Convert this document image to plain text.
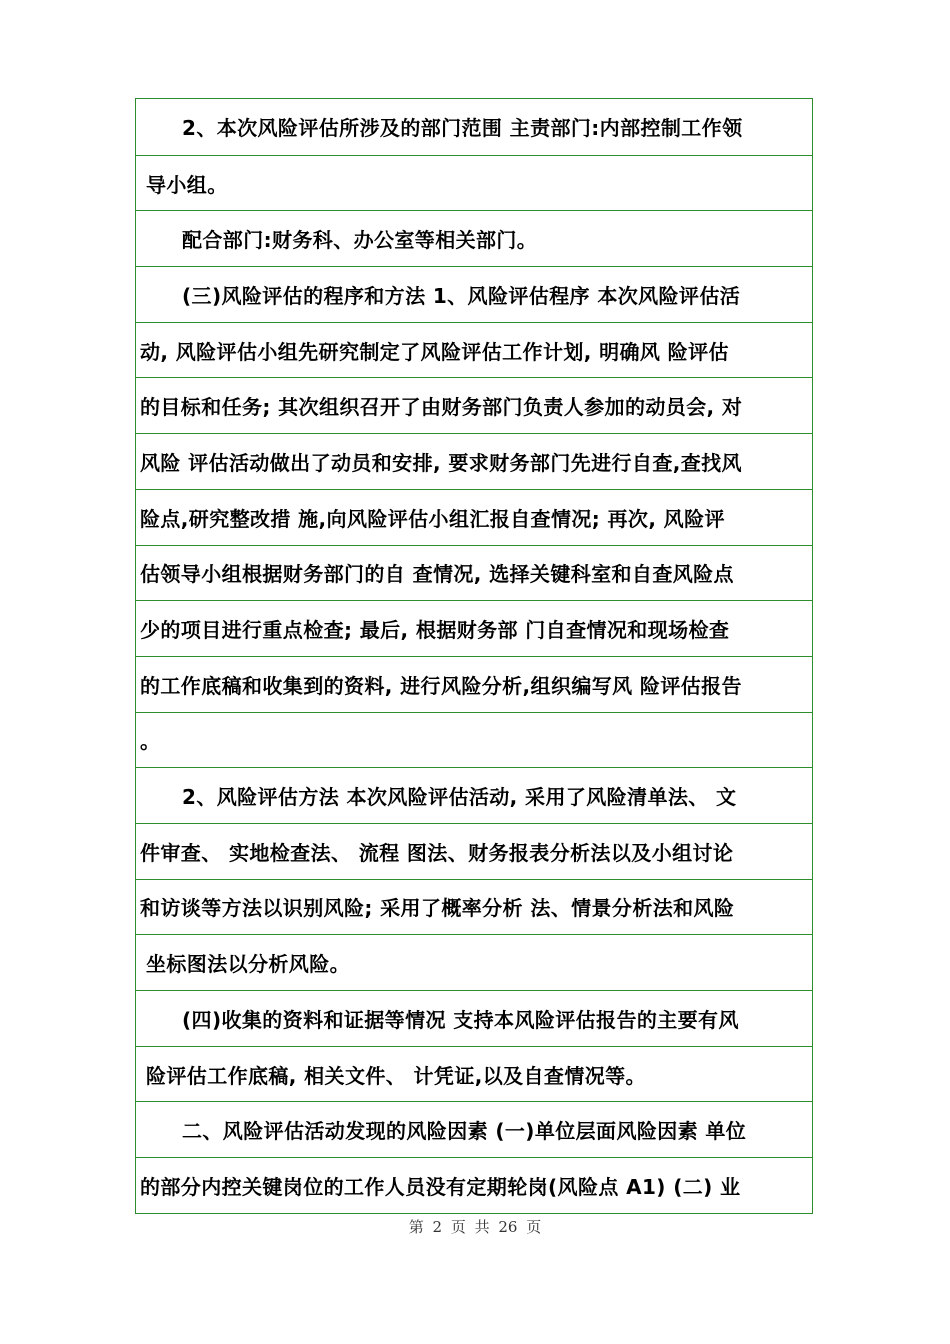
2、本次风险评估所涉及的部门范围 主责部门:内部控制工作领
导小组。
配合部门:财务科、办公室等相关部门。
(三)风险评估的程序和方法 1、风险评估程序 本次风险评估活
动, 风险评估小组先研究制定了风险评估工作计划, 明确风 险评估
的目标和任务; 其次组织召开了由财务部门负责人参加的动员会, 对
风险 评估活动做出了动员和安排, 要求财务部门先进行自查,查找风
险点,研究整改措 施,向风险评估小组汇报自查情况; 再次, 风险评
估领导小组根据财务部门的自 查情况, 选择关键科室和自查风险点
少的项目进行重点检查; 最后, 根据财务部 门自查情况和现场检查
的工作底稿和收集到的资料, 进行风险分析,组织编写风 险评估报告
。
2、风险评估方法 本次风险评估活动, 采用了风险清单法、 文
件审查、 实地检查法、 流程 图法、财务报表分析法以及小组讨论
和访谈等方法以识别风险; 采用了概率分析 法、情景分析法和风险
坐标图法以分析风险。
(四)收集的资料和证据等情况 支持本风险评估报告的主要有风
险评估工作底稿, 相关文件、 计凭证,以及自查情况等。
二、风险评估活动发现的风险因素 (一)单位层面风险因素 单位
的部分内控关键岗位的工作人员没有定期轮岗(风险点 A1) (二) 业
第 2 页 共 26 页
